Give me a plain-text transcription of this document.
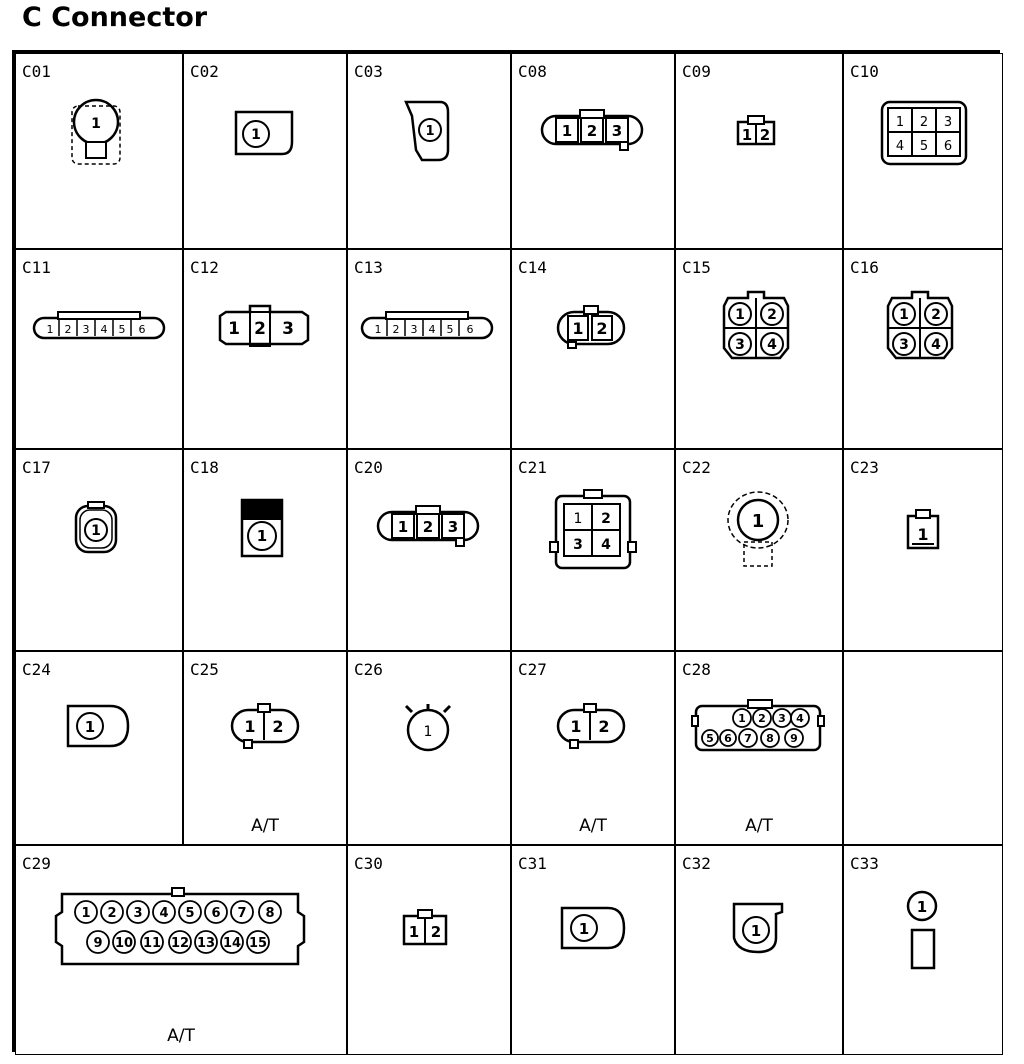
C Connector
C01
1
C02
1
C03
1
C08
1 2 3
C09
1 2
C10
1 2 3
4 5 6
C11
1 2 3 4 5 6
C12
1 2 3
C13
1 2 3 4 5 6
C14
1 2
C15
1 2
3 4
C16
1 2
3 4
C17
1
C18
1
C20
1 2 3
C21
1 2
3 4
C22
1
C23
1
C24
1
C25
1 2
A/T
C26
1
C27
1 2
A/T
C28
1 2 3 4
5 6 7 8 9
A/T
C29
1 2 3 4 5 6 7 8
9 10 11 12 13 14 15
A/T
C30
1 2
C31
1
C32
1
C33
1
